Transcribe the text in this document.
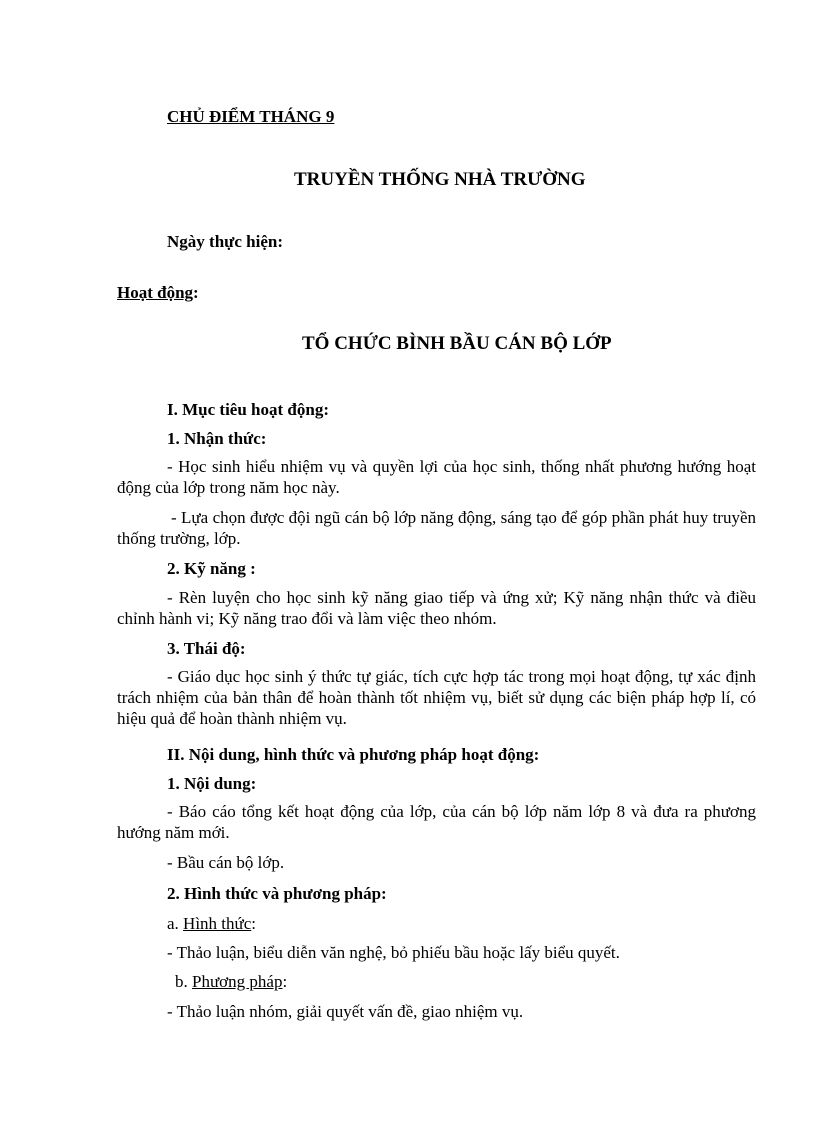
CHỦ ĐIỂM THÁNG 9
TRUYỀN THỐNG NHÀ TRƯỜNG
Ngày thực hiện:
Hoạt động:
TỔ CHỨC BÌNH BẦU CÁN BỘ LỚP
I. Mục tiêu hoạt động:
1. Nhận thức:
- Học sinh hiểu nhiệm vụ và quyền lợi của học sinh, thống nhất phương hướng hoạt động của lớp trong năm học này.
- Lựa chọn được đội ngũ cán bộ lớp năng động, sáng tạo để góp phần phát huy truyền thống trường, lớp.
2. Kỹ năng :
- Rèn luyện cho học sinh kỹ năng giao tiếp và ứng xử; Kỹ năng nhận thức và điều chỉnh hành vi; Kỹ năng trao đổi và làm việc theo nhóm.
3. Thái độ:
- Giáo dục học sinh ý thức tự giác, tích cực hợp tác trong mọi hoạt động, tự xác định trách nhiệm của bản thân để hoàn thành tốt nhiệm vụ, biết sử dụng các biện pháp hợp lí, có hiệu quả để hoàn thành nhiệm vụ.
II. Nội dung, hình thức và phương pháp hoạt động:
1. Nội dung:
- Báo cáo tổng kết hoạt động của lớp, của cán bộ lớp năm lớp 8 và đưa ra phương hướng năm mới.
- Bầu cán bộ lớp.
2. Hình thức và phương pháp:
a. Hình thức:
- Thảo luận, biểu diễn văn nghệ, bỏ phiếu bầu hoặc lấy biểu quyết.
b. Phương pháp:
- Thảo luận nhóm, giải quyết vấn đề, giao nhiệm vụ.
